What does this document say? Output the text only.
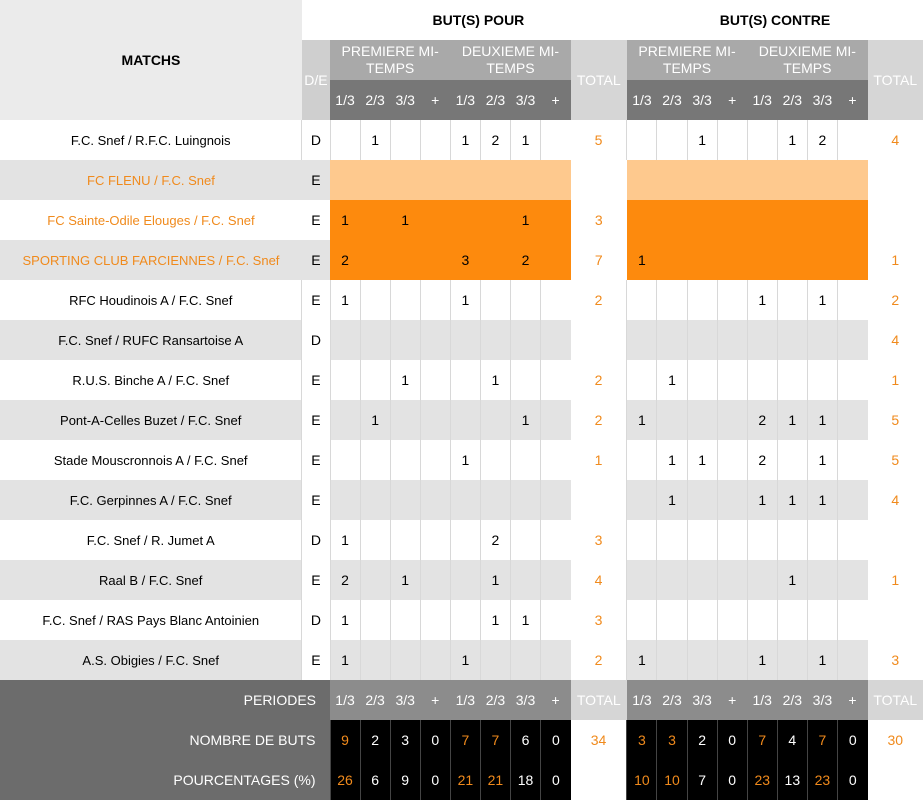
MATCHS	BUT(S) POUR										BUT(S) CONTRE								
	D/E	PREMIERE MI-TEMPS				DEUXIEME MI-TEMPS				TOTAL	PREMIERE MI-TEMPS				DEUXIEME MI-TEMPS				TOTAL
		1/3	2/3	3/3	+	1/3	2/3	3/3	+		1/3	2/3	3/3	+	1/3	2/3	3/3	+	
F.C. Snef / R.F.C. Luingnois	D		1			1	2	1		5			1			1	2		4
FC FLENU / F.C. Snef	E																		
FC Sainte-Odile Elouges / F.C. Snef	E	1		1				1		3									
SPORTING CLUB FARCIENNES / F.C. Snef	E	2				3		2		7	1								1
RFC Houdinois A / F.C. Snef	E	1				1				2					1		1		2
F.C. Snef / RUFC Ransartoise A	D																		4
R.U.S. Binche A / F.C. Snef	E			1			1			2		1							1
Pont-A-Celles Buzet / F.C. Snef	E		1					1		2	1				2	1	1		5
Stade Mouscronnois A / F.C. Snef	E					1				1		1	1		2		1		5
F.C. Gerpinnes A / F.C. Snef	E											1			1	1	1		4
F.C. Snef / R. Jumet A	D	1					2			3									
Raal B / F.C. Snef	E	2		1			1			4						1			1
F.C. Snef / RAS Pays Blanc Antoinien	D	1					1	1		3									
A.S. Obigies / F.C. Snef	E	1				1				2	1				1		1		3
PERIODES		1/3	2/3	3/3	+	1/3	2/3	3/3	+	TOTAL	1/3	2/3	3/3	+	1/3	2/3	3/3	+	TOTAL
NOMBRE DE BUTS		9	2	3	0	7	7	6	0	34	3	3	2	0	7	4	7	0	30
POURCENTAGES (%)		26	6	9	0	21	21	18	0		10	10	7	0	23	13	23	0	
